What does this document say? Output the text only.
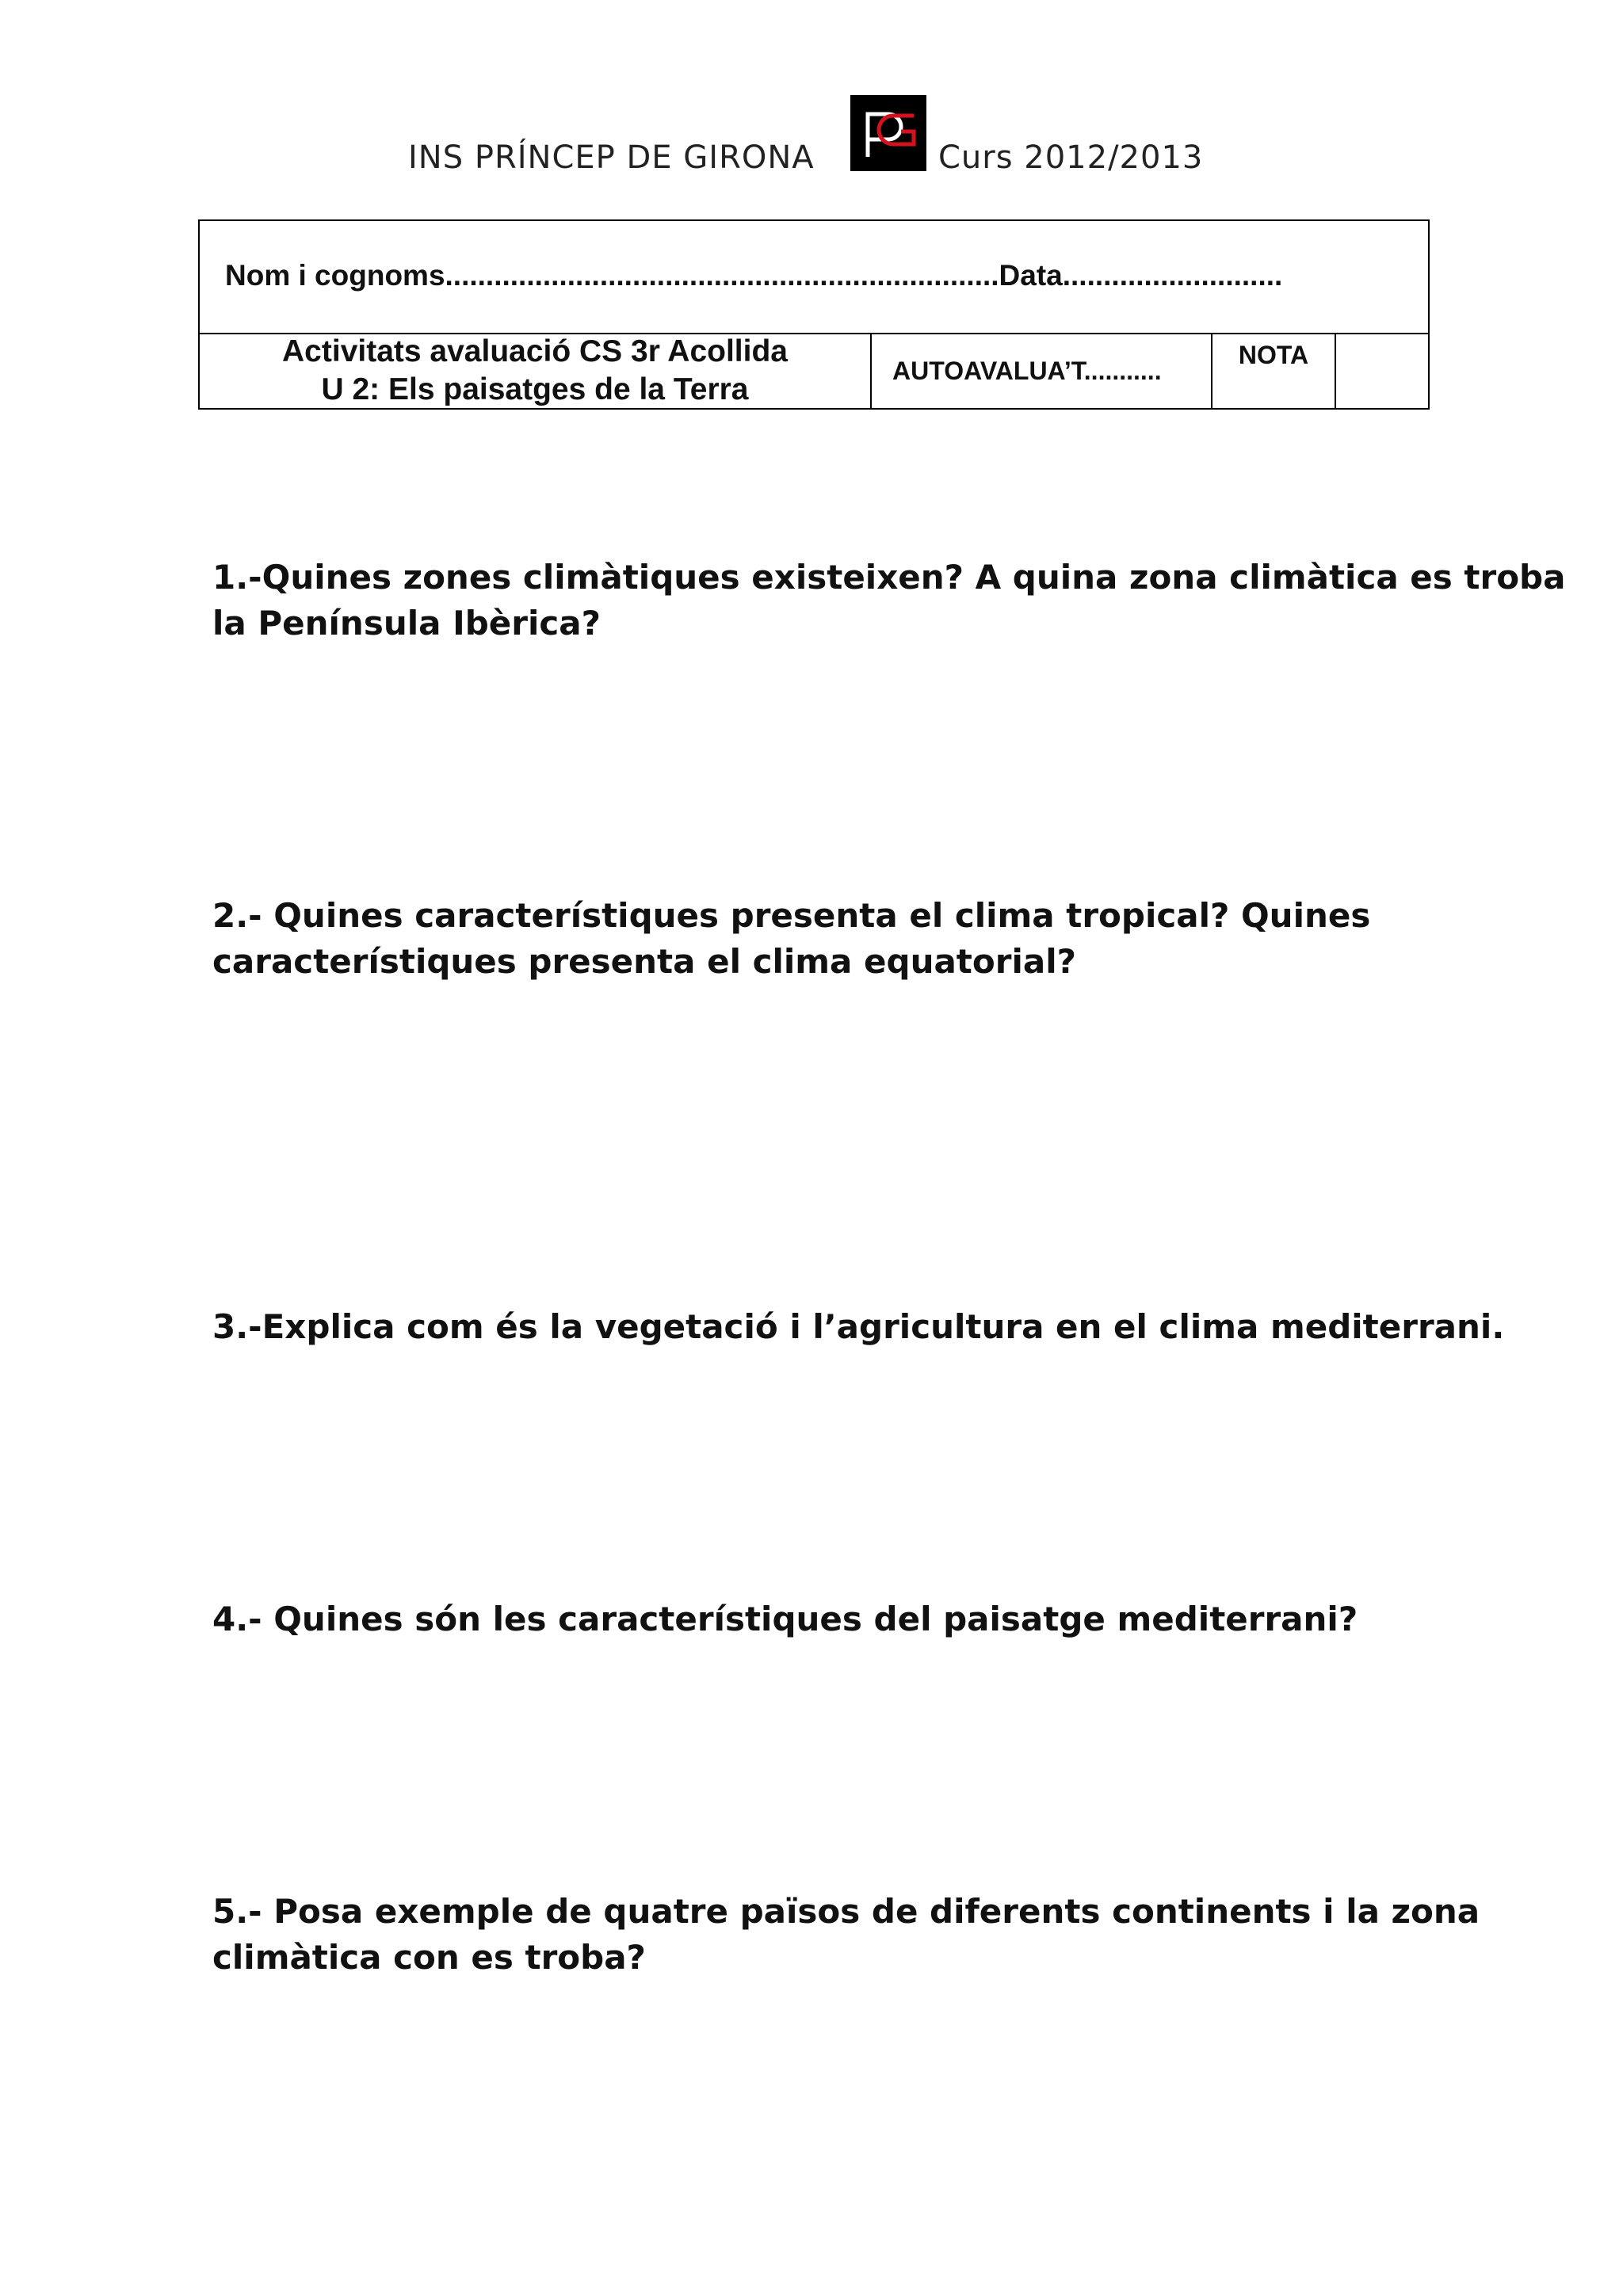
INS PRÍNCEP DE GIRONA	Curs 2012/2013
Nom i cognoms....................................................................Data...........................
Activitats avaluació CS 3r Acollida
U 2: Els paisatges de la Terra
AUTOAVALUA’T...........
NOTA
1.-Quines zones climàtiques existeixen? A quina zona climàtica es troba
la Península Ibèrica?
2.- Quines característiques presenta el clima tropical? Quines
característiques presenta el clima equatorial?
3.-Explica com és la vegetació i l’agricultura en el clima mediterrani.
4.- Quines són les característiques del paisatge mediterrani?
5.- Posa exemple de quatre països de diferents continents i la zona
climàtica con es troba?
